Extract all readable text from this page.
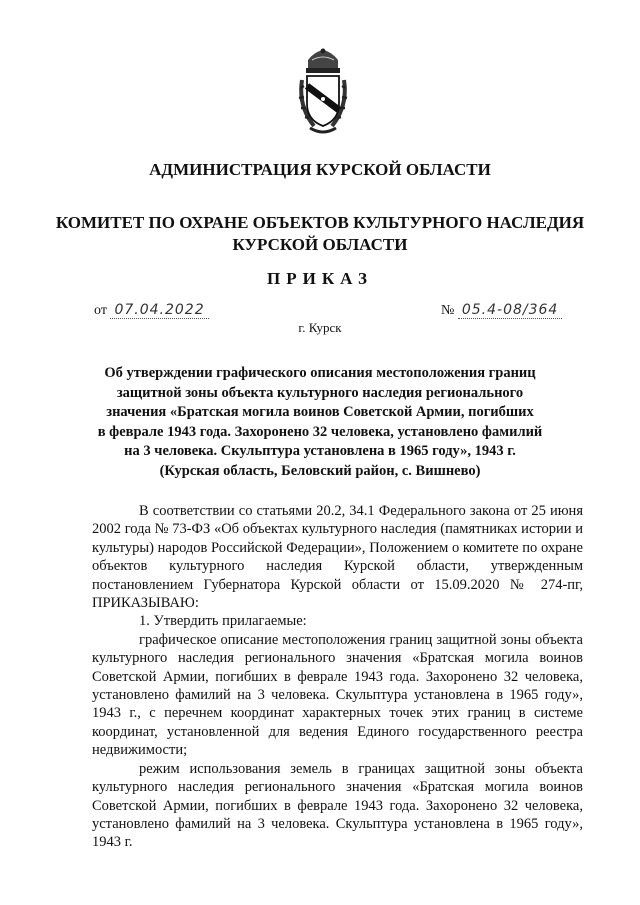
АДМИНИСТРАЦИЯ КУРСКОЙ ОБЛАСТИ
КОМИТЕТ ПО ОХРАНЕ ОБЪЕКТОВ КУЛЬТУРНОГО НАСЛЕДИЯ
КУРСКОЙ ОБЛАСТИ
ПРИКАЗ
от 07.04.2022	№ 05.4-08/364
г. Курск
Об утверждении графического описания местоположения границ
защитной зоны объекта культурного наследия регионального
значения «Братская могила воинов Советской Армии, погибших
в феврале 1943 года. Захоронено 32 человека, установлено фамилий
на 3 человека. Скульптура установлена в 1965 году», 1943 г.
(Курская область, Беловский район, с. Вишнево)

В соответствии со статьями 20.2, 34.1 Федерального закона от 25 июня 2002 года № 73-ФЗ «Об объектах культурного наследия (памятниках истории и культуры) народов Российской Федерации», Положением о комитете по охране объектов культурного наследия Курской области, утвержденным постановлением Губернатора Курской области от 15.09.2020 № 274-пг, ПРИКАЗЫВАЮ:

1. Утвердить прилагаемые:

графическое описание местоположения границ защитной зоны объекта культурного наследия регионального значения «Братская могила воинов Советской Армии, погибших в феврале 1943 года. Захоронено 32 человека, установлено фамилий на 3 человека. Скульптура установлена в 1965 году», 1943 г., с перечнем координат характерных точек этих границ в системе координат, установленной для ведения Единого государственного реестра недвижимости;

режим использования земель в границах защитной зоны объекта культурного наследия регионального значения «Братская могила воинов Советской Армии, погибших в феврале 1943 года. Захоронено 32 человека, установлено фамилий на 3 человека. Скульптура установлена в 1965 году», 1943 г.
